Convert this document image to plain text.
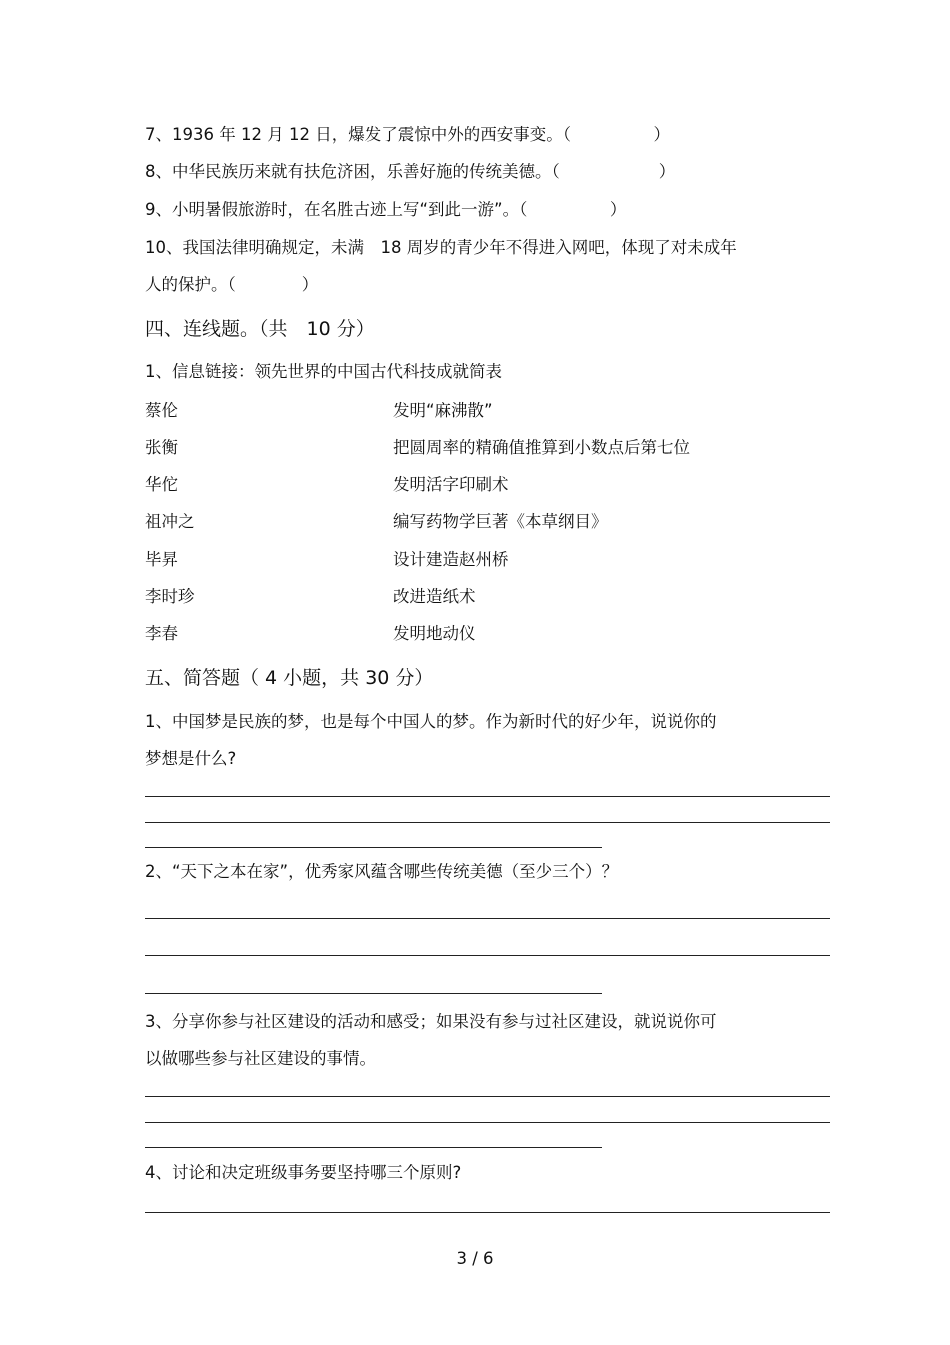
7、1936 年 12 月 12 日，爆发了震惊中外的西安事变。（　　　　　）
8、中华民族历来就有扶危济困，乐善好施的传统美德。（　　　　　　）
9、小明暑假旅游时，在名胜古迹上写“到此一游”。（　　　　　）
10、我国法律明确规定，未满　18 周岁的青少年不得进入网吧，体现了对未成年
人的保护。（　　　　）
四、连线题。（共　10 分）
1、信息链接：领先世界的中国古代科技成就简表
蔡伦	发明“麻沸散”
张衡	把圆周率的精确值推算到小数点后第七位
华佗	发明活字印刷术
祖冲之	编写药物学巨著《本草纲目》
毕昇	设计建造赵州桥
李时珍	改进造纸术
李春	发明地动仪
五、简答题（ 4 小题，共 30 分）
1、中国梦是民族的梦，也是每个中国人的梦。作为新时代的好少年，说说你的
梦想是什么?
2、“天下之本在家”，优秀家风蕴含哪些传统美德（至少三个）？
3、分享你参与社区建设的活动和感受；如果没有参与过社区建设，就说说你可
以做哪些参与社区建设的事情。
4、讨论和决定班级事务要坚持哪三个原则?
3 / 6
